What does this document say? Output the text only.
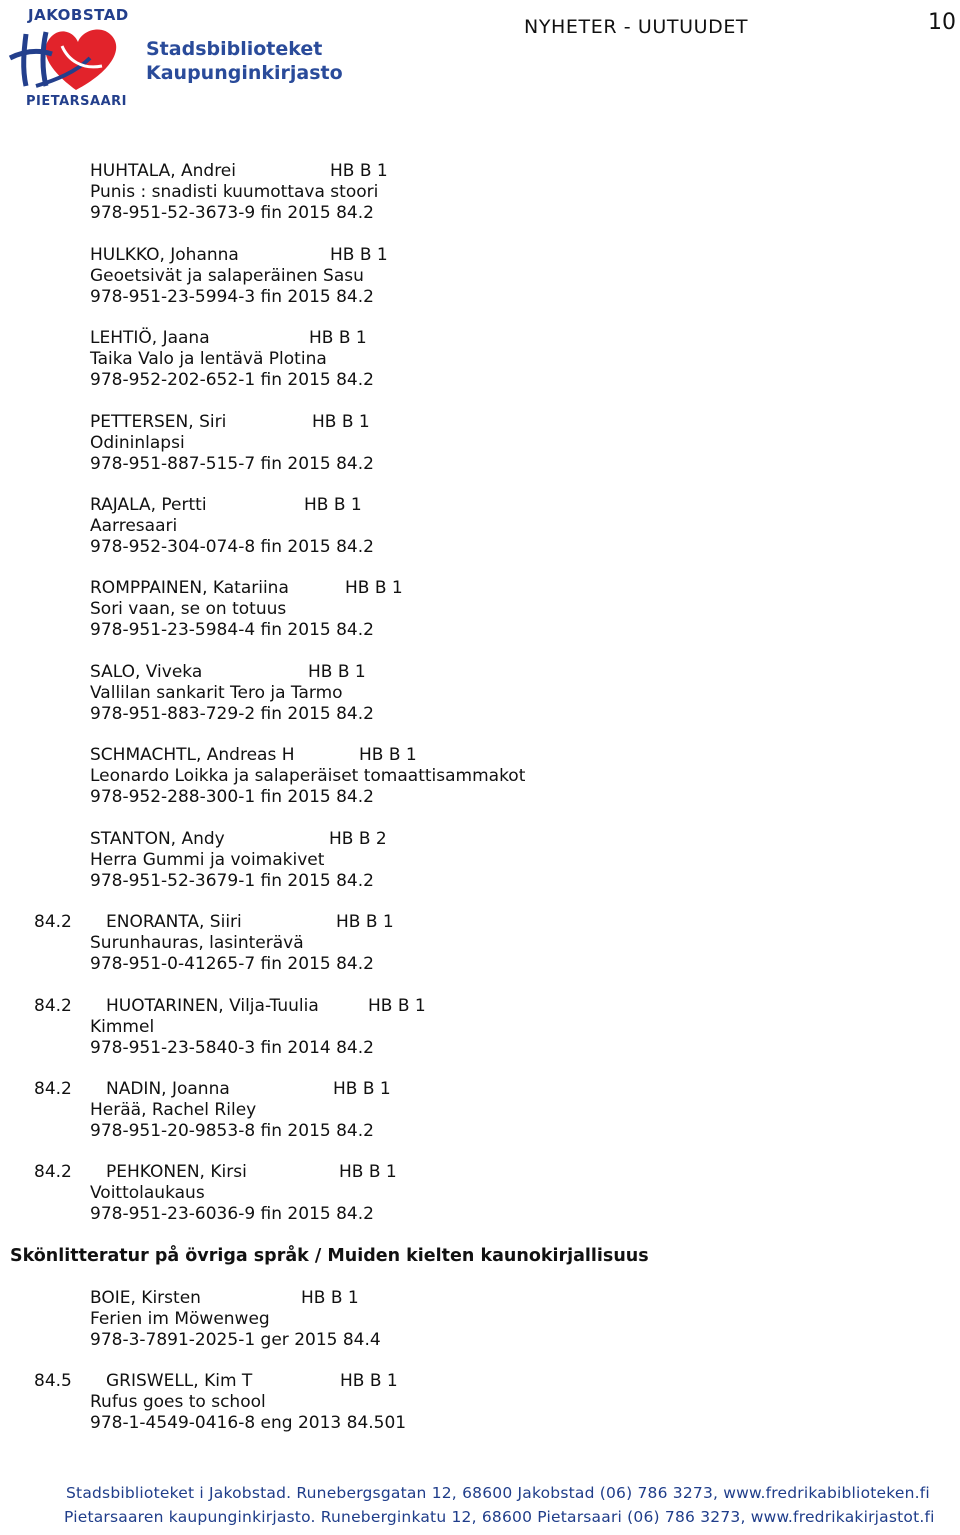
JAKOBSTAD
Stadsbiblioteket
Kaupunginkirjasto
PIETARSAARI
NYHETER - UUTUUDET	10
HUHTALA, Andrei	HB B 1
Punis : snadisti kuumottava stoori
978-951-52-3673-9 fin 2015 84.2
HULKKO, Johanna	HB B 1
Geoetsivät ja salaperäinen Sasu
978-951-23-5994-3 fin 2015 84.2
LEHTIÖ, Jaana	HB B 1
Taika Valo ja lentävä Plotina
978-952-202-652-1 fin 2015 84.2
PETTERSEN, Siri	HB B 1
Odininlapsi
978-951-887-515-7 fin 2015 84.2
RAJALA, Pertti	HB B 1
Aarresaari
978-952-304-074-8 fin 2015 84.2
ROMPPAINEN, Katariina	HB B 1
Sori vaan, se on totuus
978-951-23-5984-4 fin 2015 84.2
SALO, Viveka	HB B 1
Vallilan sankarit Tero ja Tarmo
978-951-883-729-2 fin 2015 84.2
SCHMACHTL, Andreas H	HB B 1
Leonardo Loikka ja salaperäiset tomaattisammakot
978-952-288-300-1 fin 2015 84.2
STANTON, Andy	HB B 2
Herra Gummi ja voimakivet
978-951-52-3679-1 fin 2015 84.2
84.2 ENORANTA, Siiri	HB B 1
Surunhauras, lasinterävä
978-951-0-41265-7 fin 2015 84.2
84.2 HUOTARINEN, Vilja-Tuulia	HB B 1
Kimmel
978-951-23-5840-3 fin 2014 84.2
84.2 NADIN, Joanna	HB B 1
Herää, Rachel Riley
978-951-20-9853-8 fin 2015 84.2
84.2 PEHKONEN, Kirsi	HB B 1
Voittolaukaus
978-951-23-6036-9 fin 2015 84.2
Skönlitteratur på övriga språk / Muiden kielten kaunokirjallisuus
BOIE, Kirsten	HB B 1
Ferien im Möwenweg
978-3-7891-2025-1 ger 2015 84.4
84.5 GRISWELL, Kim T	HB B 1
Rufus goes to school
978-1-4549-0416-8 eng 2013 84.501
Stadsbiblioteket i Jakobstad. Runebergsgatan 12, 68600 Jakobstad (06) 786 3273, www.fredrikabiblioteken.fi
Pietarsaaren kaupunginkirjasto. Runeberginkatu 12, 68600 Pietarsaari (06) 786 3273, www.fredrikakirjastot.fi
